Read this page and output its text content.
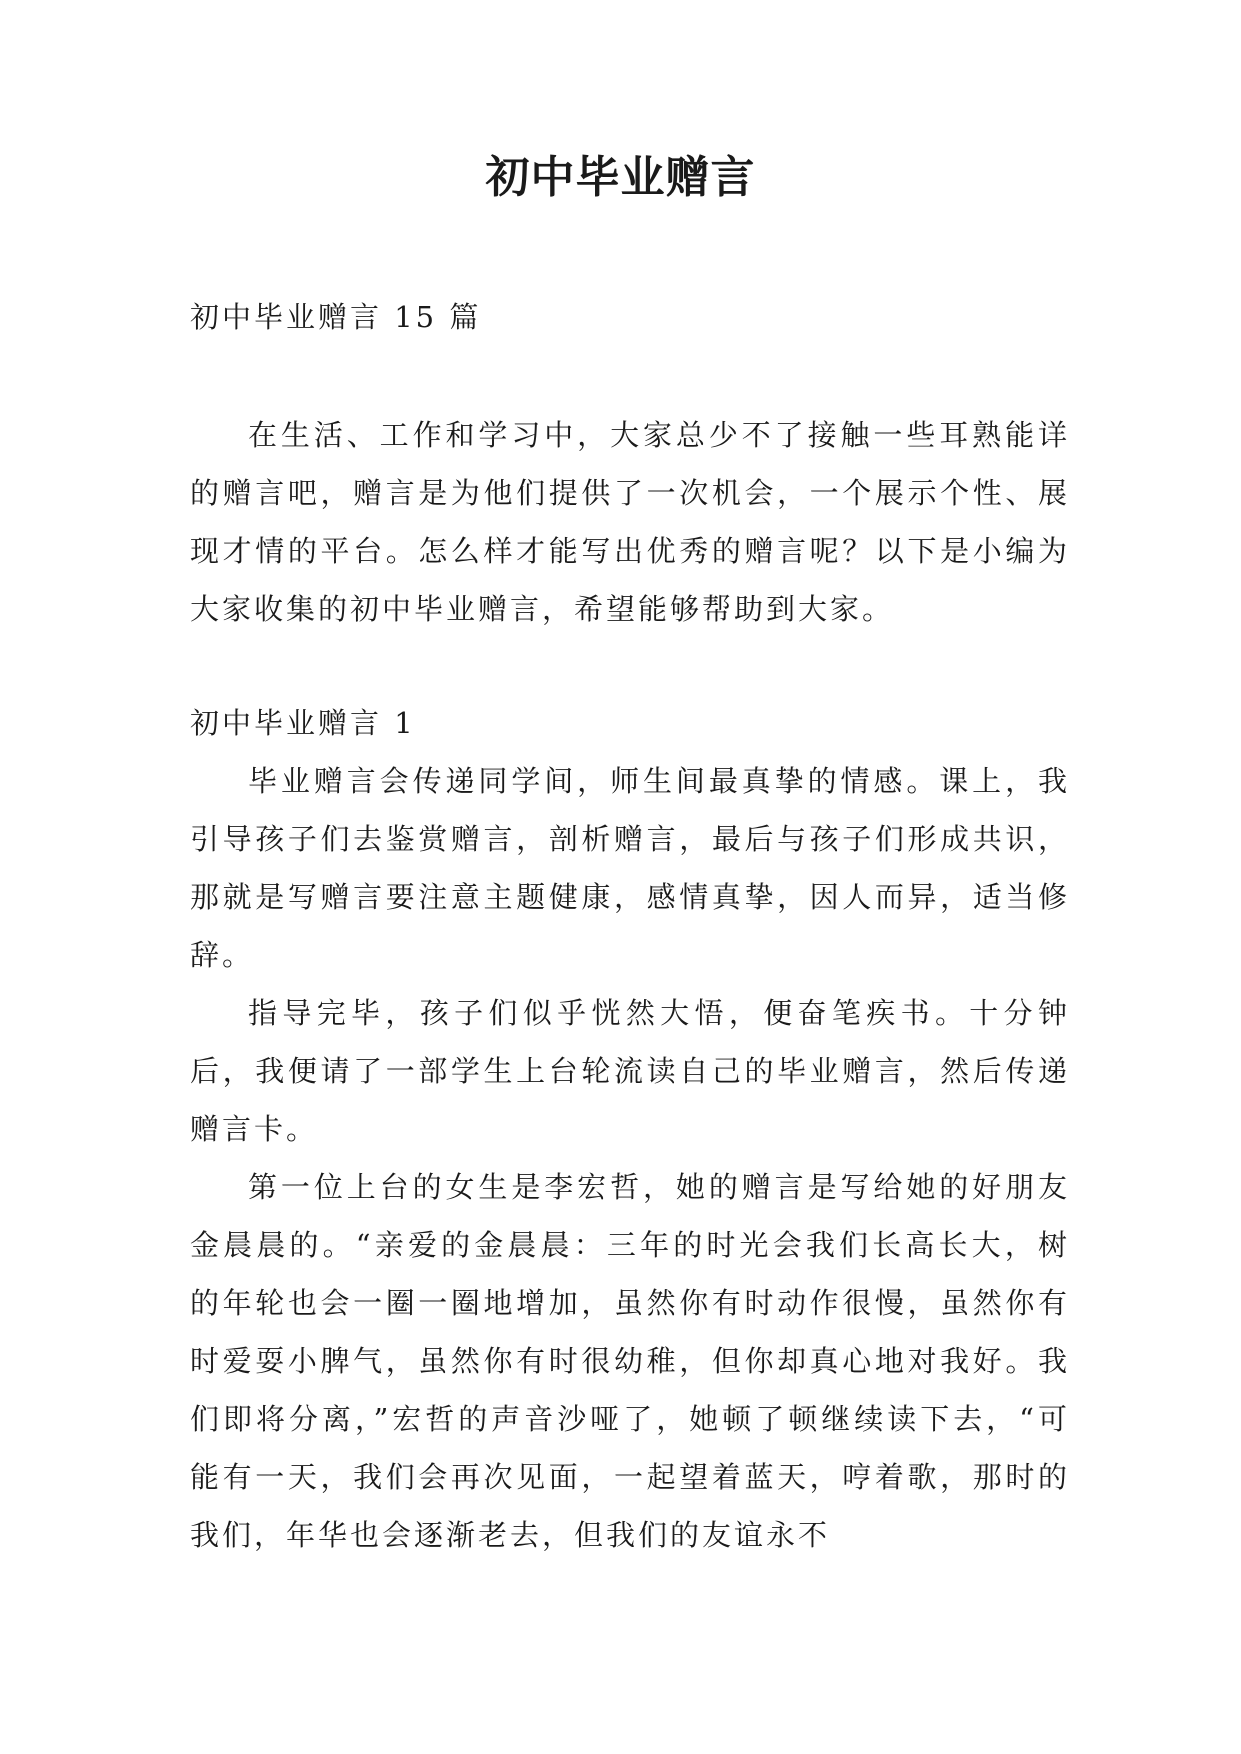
初中毕业赠言

初中毕业赠言 15 篇

在生活、工作和学习中，大家总少不了接触一些耳熟能详的赠言吧，赠言是为他们提供了一次机会，一个展示个性、展现才情的平台。怎么样才能写出优秀的赠言呢？以下是小编为大家收集的初中毕业赠言，希望能够帮助到大家。

初中毕业赠言 1

毕业赠言会传递同学间，师生间最真挚的情感。课上，我引导孩子们去鉴赏赠言，剖析赠言，最后与孩子们形成共识，那就是写赠言要注意主题健康，感情真挚，因人而异，适当修辞。

指导完毕，孩子们似乎恍然大悟，便奋笔疾书。十分钟后，我便请了一部学生上台轮流读自己的毕业赠言，然后传递赠言卡。

第一位上台的女生是李宏哲，她的赠言是写给她的好朋友金晨晨的。“亲爱的金晨晨：三年的时光会我们长高长大，树的年轮也会一圈一圈地增加，虽然你有时动作很慢，虽然你有时爱耍小脾气，虽然你有时很幼稚，但你却真心地对我好。我们即将分离，”宏哲的声音沙哑了，她顿了顿继续读下去，“可能有一天，我们会再次见面，一起望着蓝天，哼着歌，那时的我们，年华也会逐渐老去，但我们的友谊永不
